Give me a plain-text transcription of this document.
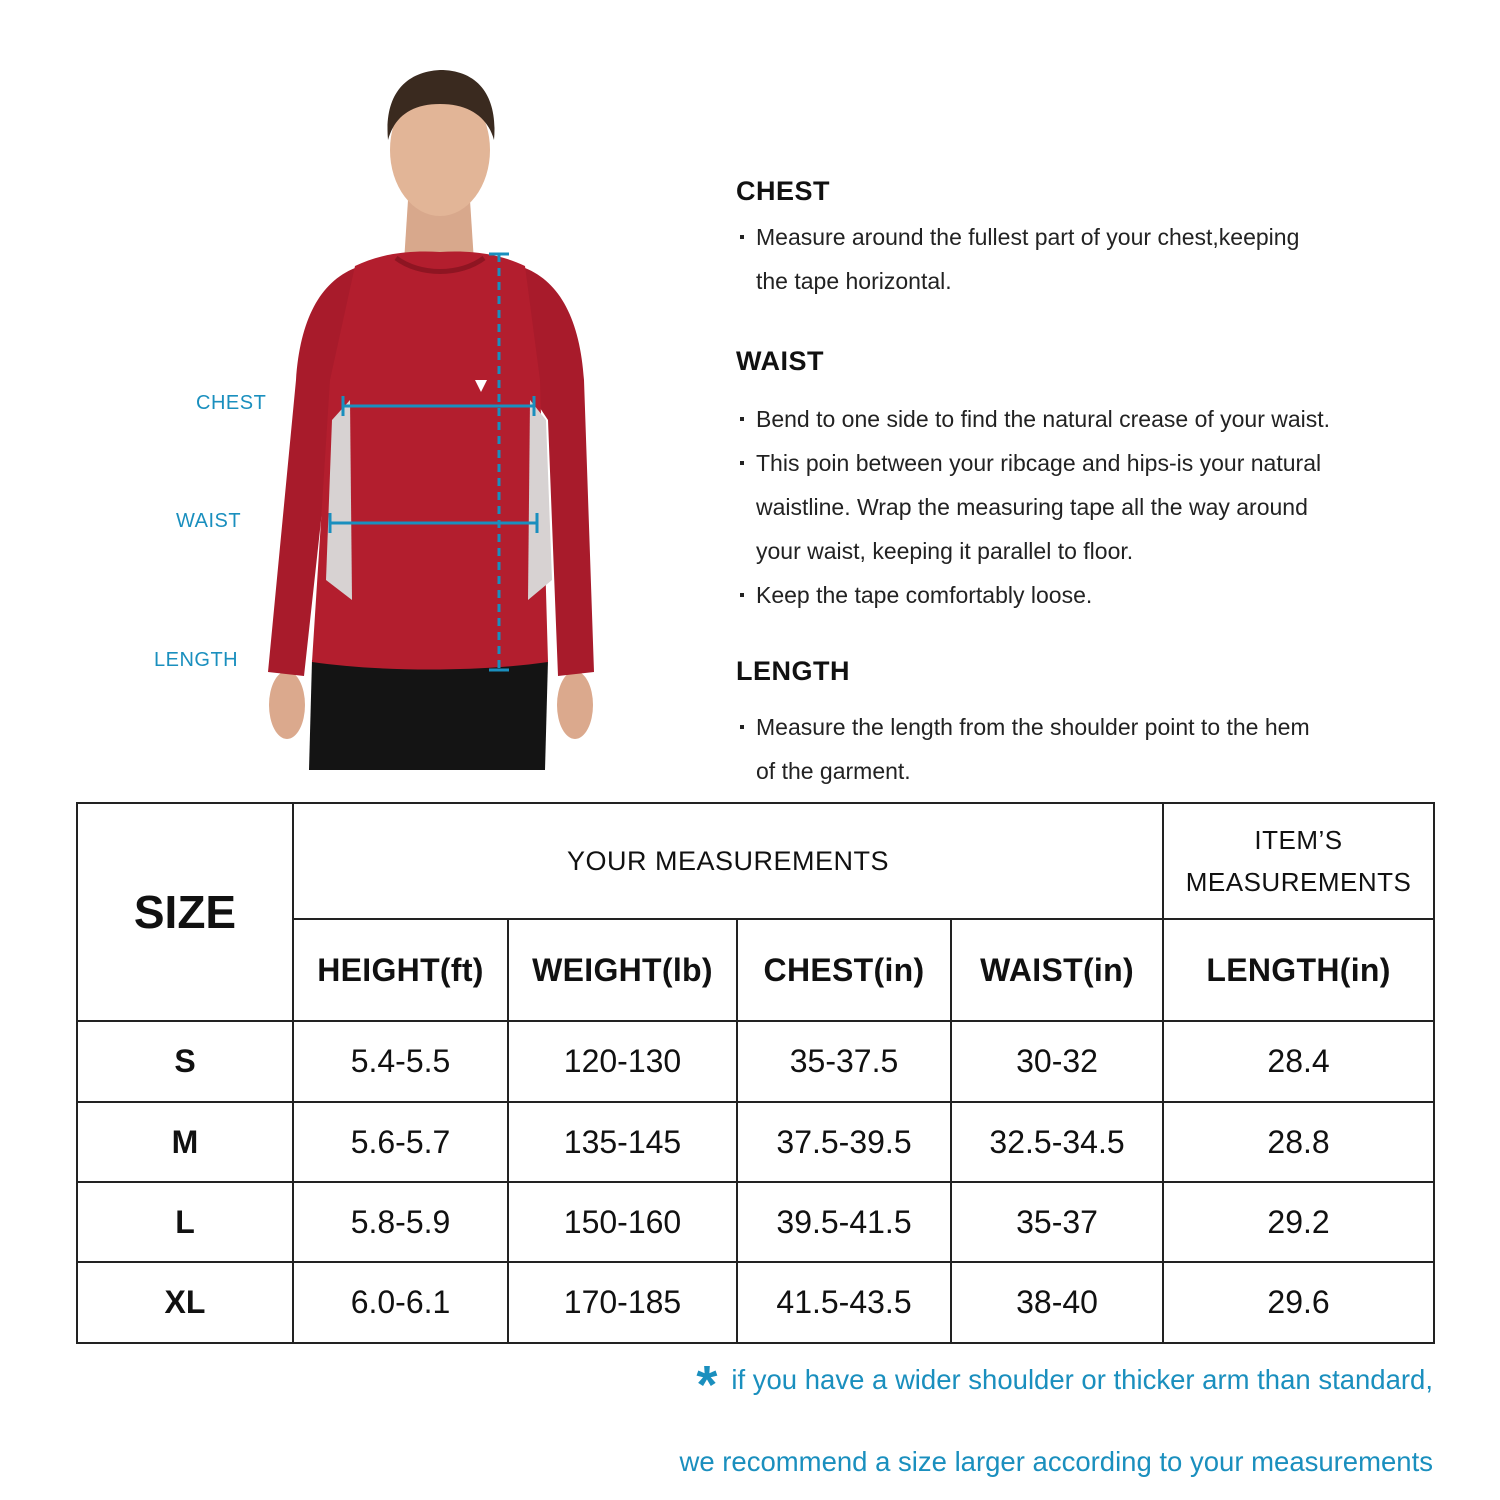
CHEST
WAIST
LENGTH
CHEST
Measure around the fullest part of your chest,keeping
the tape horizontal.
WAIST
Bend to one side to find the natural crease of your waist.
This poin between your ribcage and hips-is your natural
waistline. Wrap the measuring tape all the way around
your waist, keeping it parallel to floor.
Keep the tape comfortably loose.
LENGTH
Measure the length from the shoulder point to the hem
of the garment.
SIZE	YOUR MEASUREMENTS				ITEM’S
MEASUREMENTS
	HEIGHT(ft)	WEIGHT(lb)	CHEST(in)	WAIST(in)	LENGTH(in)
S	5.4-5.5	120-130	35-37.5	30-32	28.4
M	5.6-5.7	135-145	37.5-39.5	32.5-34.5	28.8
L	5.8-5.9	150-160	39.5-41.5	35-37	29.2
XL	6.0-6.1	170-185	41.5-43.5	38-40	29.6
* if you have a wider shoulder or thicker arm than standard,
we recommend a size larger according to your measurements
